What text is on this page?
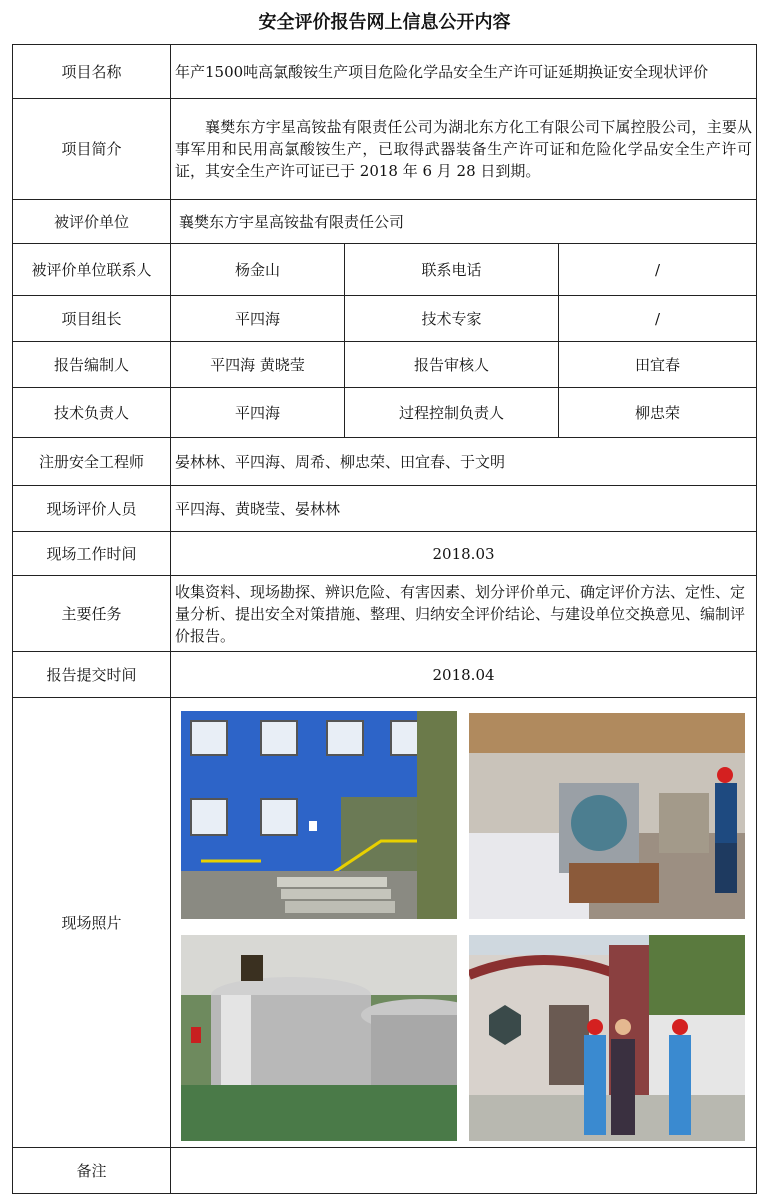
安全评价报告网上信息公开内容
项目名称	年产1500吨高氯酸铵生产项目危险化学品安全生产许可证延期换证安全现状评价		
项目简介	襄樊东方宇星高铵盐有限责任公司为湖北东方化工有限公司下属控股公司，主要从事军用和民用高氯酸铵生产，已取得武器装备生产许可证和危险化学品安全生产许可证，其安全生产许可证已于 2018 年 6 月 28 日到期。		
被评价单位	襄樊东方宇星高铵盐有限责任公司		
被评价单位联系人	杨金山	联系电话	/
项目组长	平四海	技术专家	/
报告编制人	平四海 黄晓莹	报告审核人	田宜春
技术负责人	平四海	过程控制负责人	柳忠荣
注册安全工程师	晏林林、平四海、周希、柳忠荣、田宜春、于文明		
现场评价人员	平四海、黄晓莹、晏林林		
现场工作时间	2018.03		
主要任务	收集资料、现场勘探、辨识危险、有害因素、划分评价单元、确定评价方法、定性、定量分析、提出安全对策措施、整理、归纳安全评价结论、与建设单位交换意见、编制评价报告。		
报告提交时间	2018.04		
现场照片	

备注			
